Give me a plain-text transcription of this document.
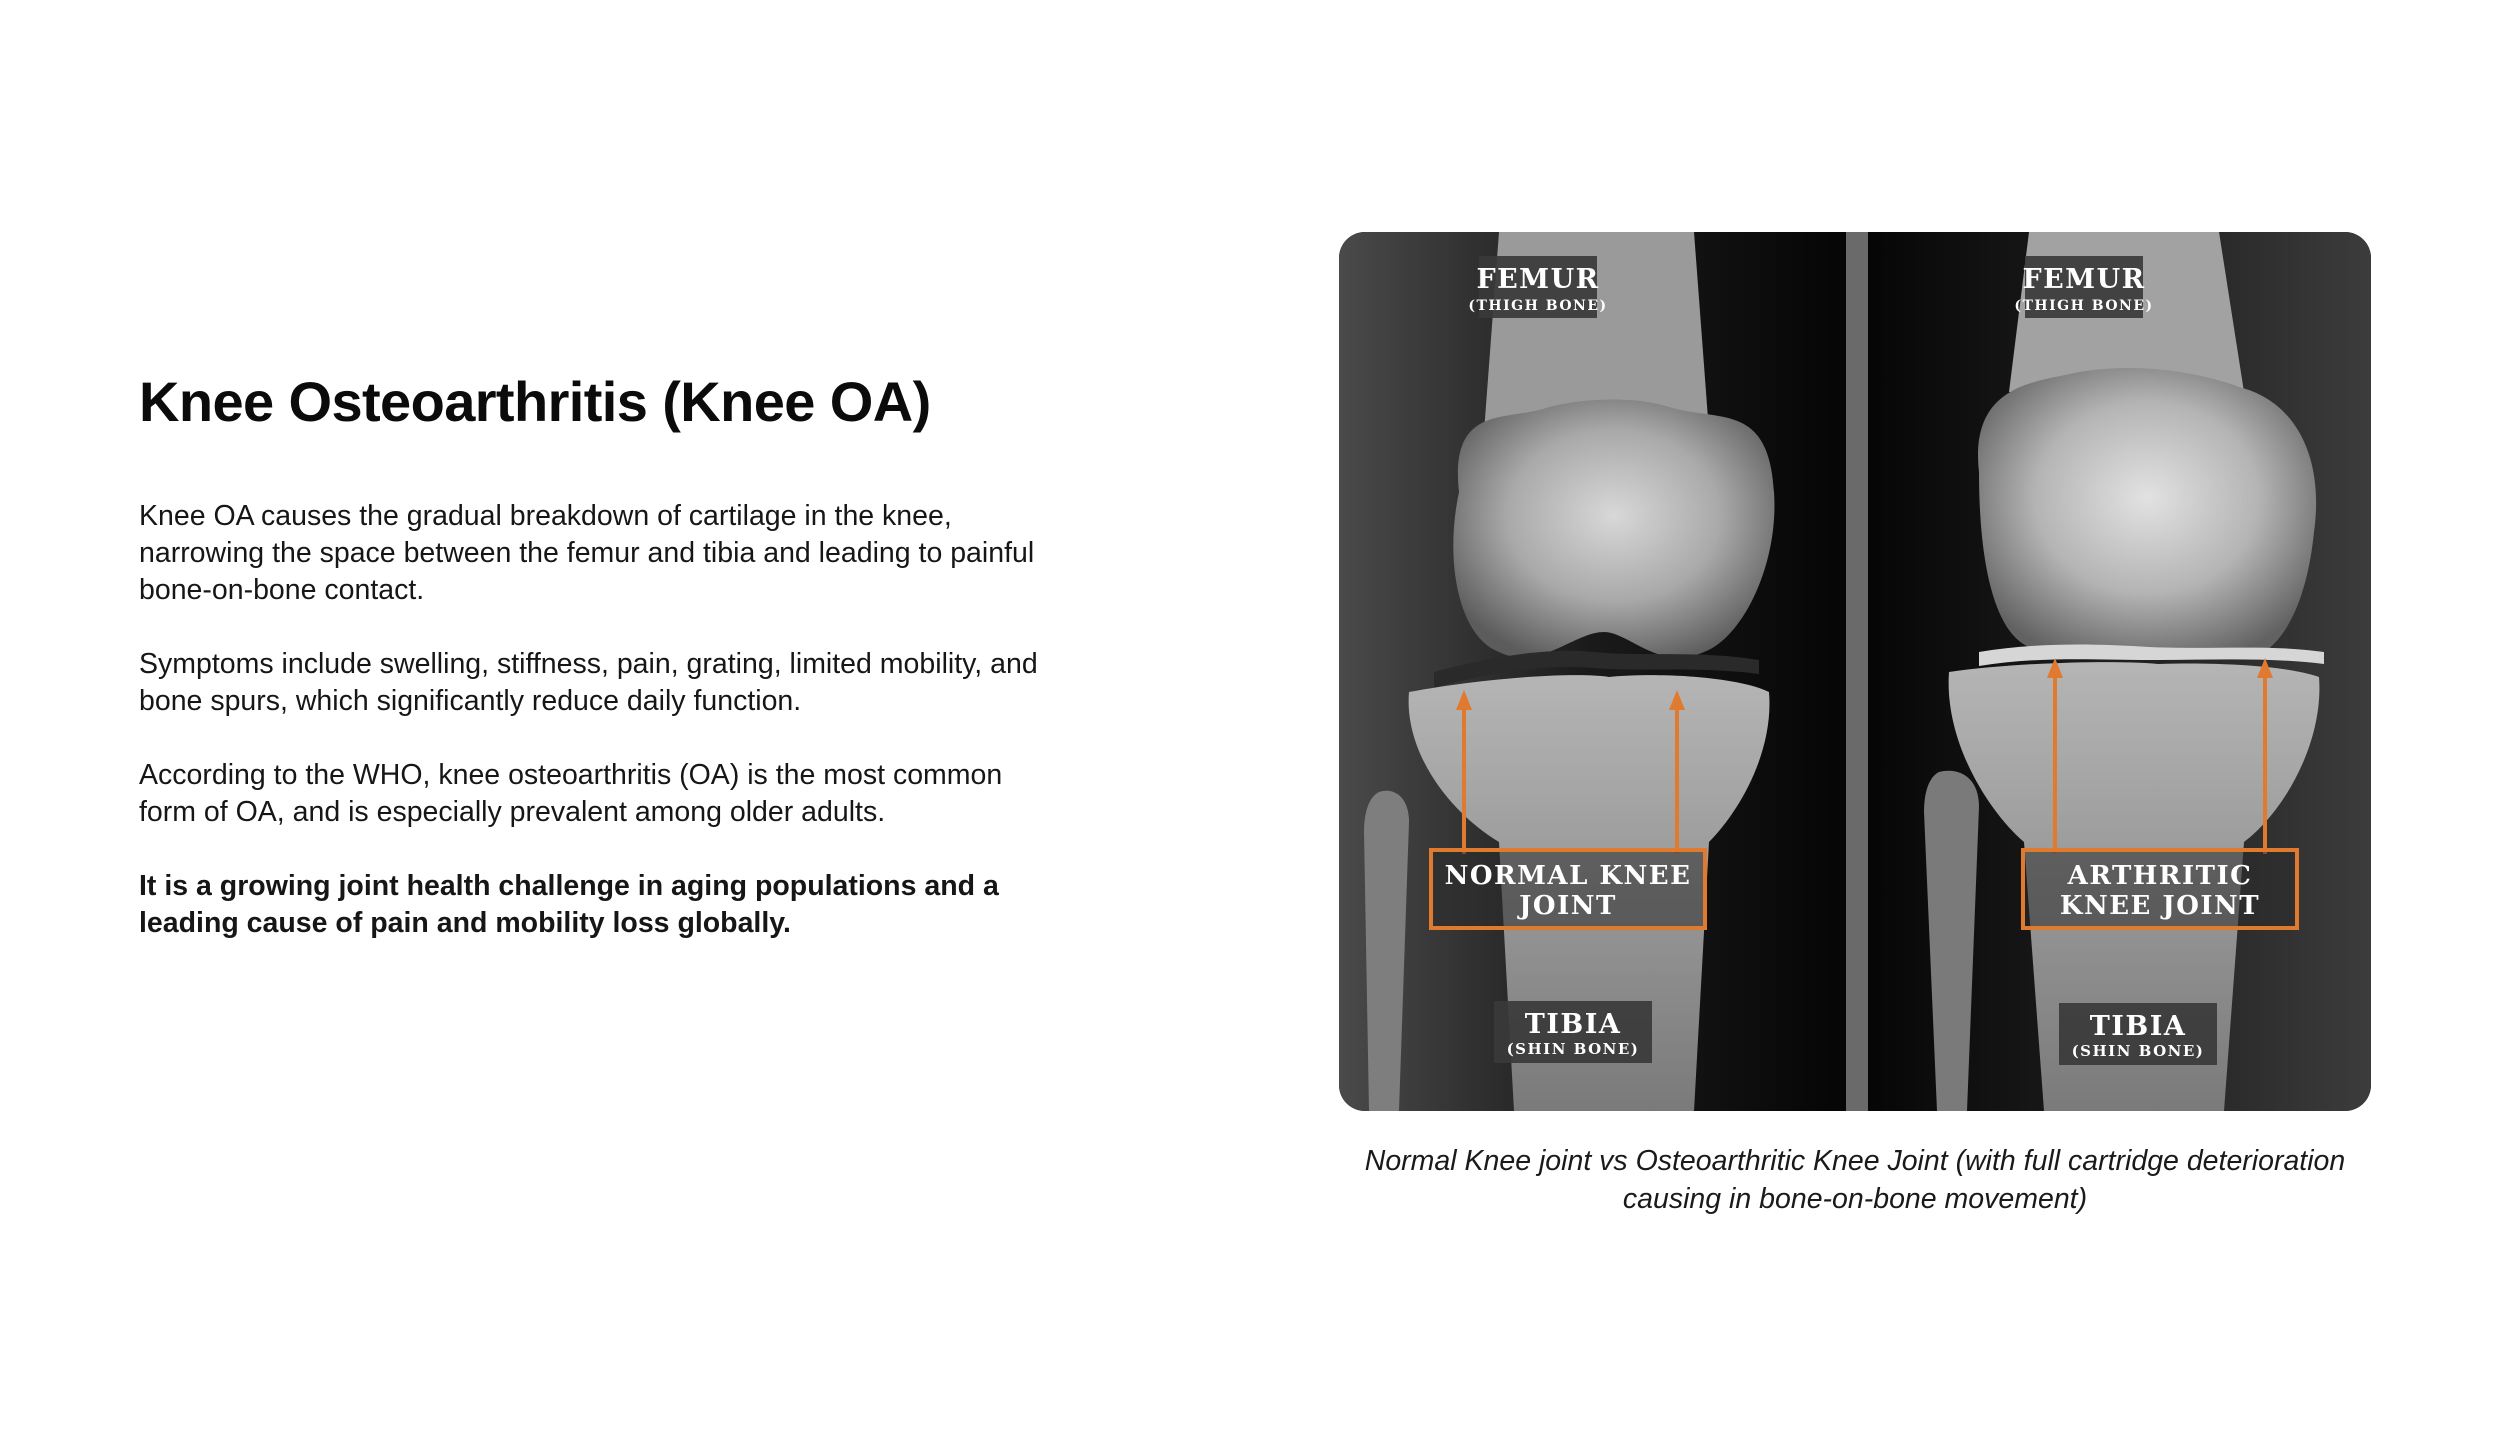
Knee Osteoarthritis (Knee OA)

Knee OA causes the gradual breakdown of cartilage in the knee, narrowing the space between the femur and tibia and leading to painful bone-on-bone contact.

Symptoms include swelling, stiffness, pain, grating, limited mobility, and bone spurs, which significantly reduce daily function.

According to the WHO, knee osteoarthritis (OA) is the most common form of OA, and is especially prevalent among older adults.

It is a growing joint health challenge in aging populations and a leading cause of pain and mobility loss globally.

FEMUR
(THIGH BONE)
NORMAL KNEE
JOINT
TIBIA
(SHIN BONE)
FEMUR
(THIGH BONE)
ARTHRITIC
KNEE JOINT
TIBIA
(SHIN BONE)

Normal Knee joint vs Osteoarthritic Knee Joint (with full cartridge deterioration causing in bone-on-bone movement)
